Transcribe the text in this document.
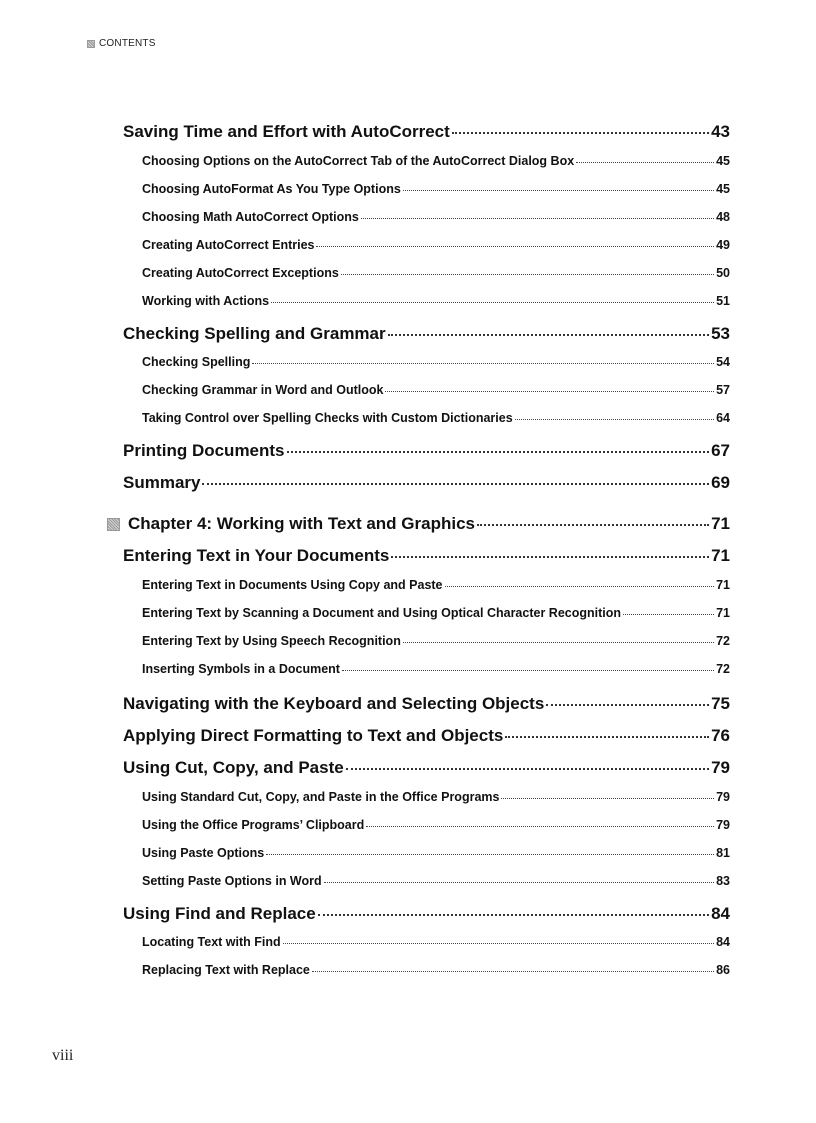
CONTENTS
Saving Time and Effort with AutoCorrect	43
Choosing Options on the AutoCorrect Tab of the AutoCorrect Dialog Box	45
Choosing AutoFormat As You Type Options	45
Choosing Math AutoCorrect Options	48
Creating AutoCorrect Entries	49
Creating AutoCorrect Exceptions	50
Working with Actions	51
Checking Spelling and Grammar	53
Checking Spelling	54
Checking Grammar in Word and Outlook	57
Taking Control over Spelling Checks with Custom Dictionaries	64
Printing Documents	67
Summary	69
Chapter 4: Working with Text and Graphics	71
Entering Text in Your Documents	71
Entering Text in Documents Using Copy and Paste	71
Entering Text by Scanning a Document and Using Optical Character Recognition	71
Entering Text by Using Speech Recognition	72
Inserting Symbols in a Document	72
Navigating with the Keyboard and Selecting Objects	75
Applying Direct Formatting to Text and Objects	76
Using Cut, Copy, and Paste	79
Using Standard Cut, Copy, and Paste in the Office Programs	79
Using the Office Programs’ Clipboard	79
Using Paste Options	81
Setting Paste Options in Word	83
Using Find and Replace	84
Locating Text with Find	84
Replacing Text with Replace	86
viii
